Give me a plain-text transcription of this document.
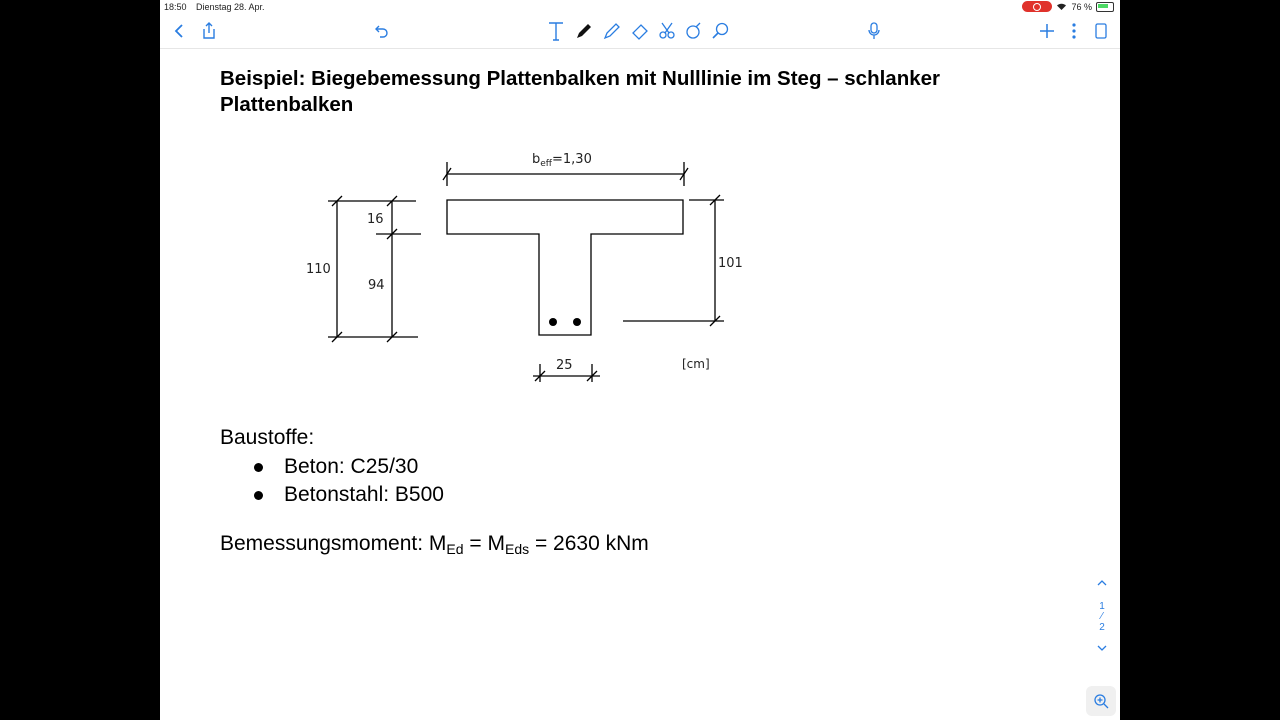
18:50 Dienstag 28. Apr.	76 %
Beispiel: Biegebemessung Plattenbalken mit Nulllinie im Steg – schlanker Plattenbalken
$b_{eff}=1,30$
16
94
110	101
25	[cm]
Baustoffe:
Beton: C25/30
Betonstahl: B500
Bemessungsmoment: $M_{Ed} = M_{Eds} = 2630$ kNm
1
⁄
2
